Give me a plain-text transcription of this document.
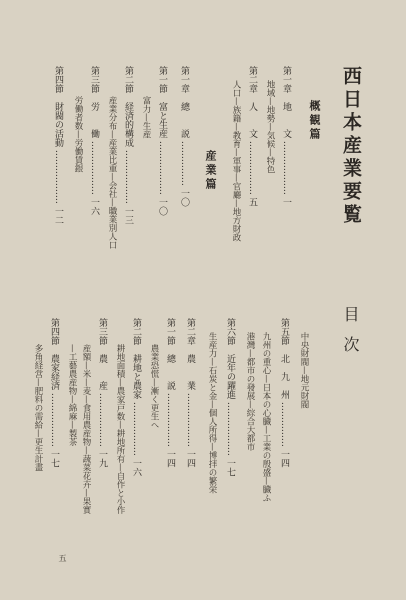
西日本産業要覧
目次
概観篇
第一章　地　　文 ……………… 一
地域—地勢—気候—特色
第二章　人　　文 ……………… 五
人口—族籍—教育—軍事—官廳—地方財政
産業篇
第一章　總　　説 …………… 一〇
第一節　富と生産 ……………… 一〇
富力—生産
第二節　経済的構成 ……………… 一三
産業分布—産業比重—会社—職業別人口
第三節　労　　働 ……………… 一六
労働者数—労働賃銀
第四節　財閥の活動 ……………… 一二
中央財閥—地元財閥
第五節　北　九　州 …………… 一四
九州の重心—日本の心臓—工業の殷盛—臓ふ
港灣—都市の發展—綜合大都市
第六節　近年の躍進 ……………… 一七
生産力—石炭と金—個人所得—博拝の繁栄
第二章　農　　業 ……………… 一四
第一節　總　　説 ……………… 一四
農業恐慌—漸く更生へ
第二節　耕地と農家 ……………… 一六
耕地面積—農家戸数—耕地所有—自作と小作
第三節　農　　産 ……………… 一九
産額—米—麦—食用農産物—蔬菜花卉—果實
—工藝農産物—綿麻—製茶
第四節　農家経済 ……………… 一七
多角経営—肥料の需給—更生計畫
五
